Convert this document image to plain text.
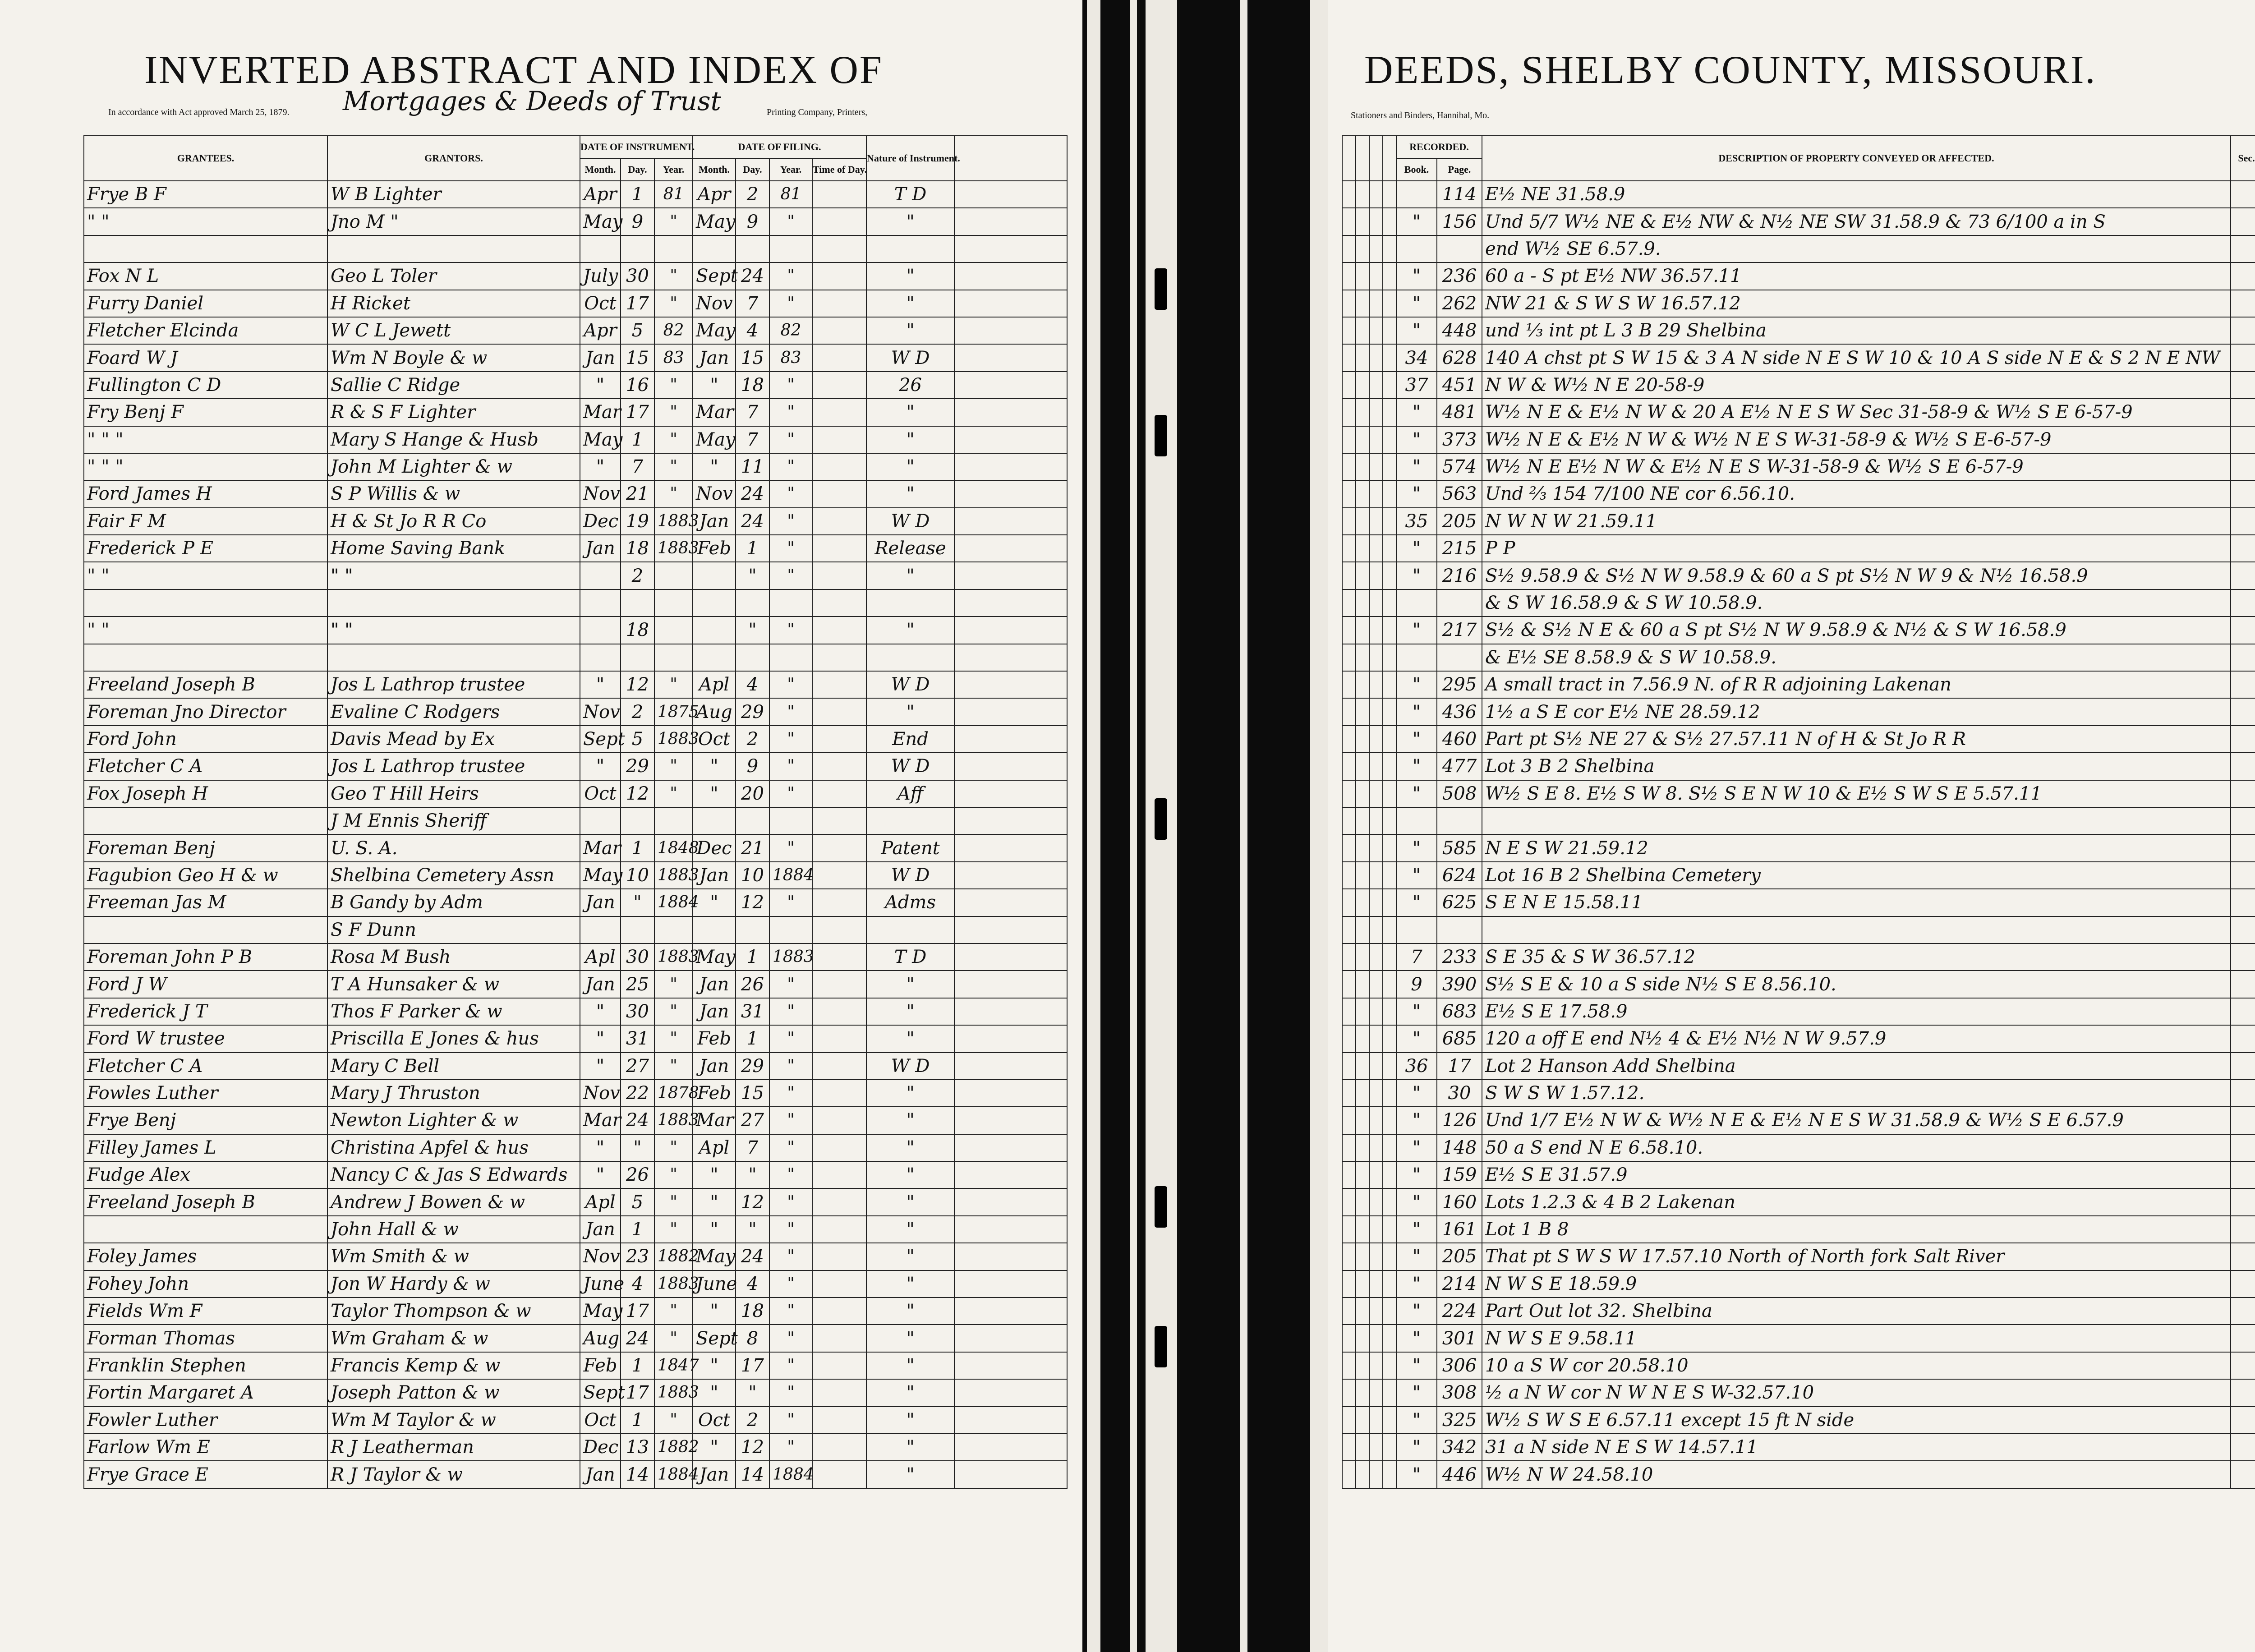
INVERTED ABSTRACT AND INDEX OF
In accordance with Act approved March 25, 1879. Mortgages & Deeds of Trust	Printing Company, Printers,
GRANTEES.	GRANTORS.	DATE OF INSTRUMENT.			DATE OF FILING.				Nature of Instrument.	
		Month.	Day.	Year.	Month.	Day.	Year.	Time of Day.		
Frye B F	W B Lighter	Apr	1	81	Apr	2	81		T D	
" "	Jno M "	May	9	"	May	9	"		"	

Fox N L	Geo L Toler	July	30	"	Sept	24	"		"	
Furry Daniel	H Ricket	Oct	17	"	Nov	7	"		"	
Fletcher Elcinda	W C L Jewett	Apr	5	82	May	4	82		"	
Foard W J	Wm N Boyle & w	Jan	15	83	Jan	15	83		W D	
Fullington C D	Sallie C Ridge	"	16	"	"	18	"		26	
Fry Benj F	R & S F Lighter	Mar	17	"	Mar	7	"		"	
" " "	Mary S Hange & Husb	May	1	"	May	7	"		"	
" " "	John M Lighter & w	"	7	"	"	11	"		"	
Ford James H	S P Willis & w	Nov	21	"	Nov	24	"		"	
Fair F M	H & St Jo R R Co	Dec	19	1883	Jan	24	"		W D	
Frederick P E	Home Saving Bank	Jan	18	1883	Feb	1	"		Release	
" "	" "		2			"	"		"	

" "	" "		18			"	"		"	

Freeland Joseph B	Jos L Lathrop trustee	"	12	"	Apl	4	"		W D	
Foreman Jno Director	Evaline C Rodgers	Nov	2	1875	Aug	29	"		"	
Ford John	Davis Mead by Ex	Sept	5	1883	Oct	2	"		End	
Fletcher C A	Jos L Lathrop trustee	"	29	"	"	9	"		W D	
Fox Joseph H	Geo T Hill Heirs	Oct	12	"	"	20	"		Aff	
	J M Ennis Sheriff									
Foreman Benj	U. S. A.	Mar	1	1848	Dec	21	"		Patent	
Fagubion Geo H & w	Shelbina Cemetery Assn	May	10	1883	Jan	10	1884		W D	
Freeman Jas M	B Gandy by Adm	Jan	"	1884	"	12	"		Adms	
	S F Dunn									
Foreman John P B	Rosa M Bush	Apl	30	1883	May	1	1883		T D	
Ford J W	T A Hunsaker & w	Jan	25	"	Jan	26	"		"	
Frederick J T	Thos F Parker & w	"	30	"	Jan	31	"		"	
Ford W trustee	Priscilla E Jones & hus	"	31	"	Feb	1	"		"	
Fletcher C A	Mary C Bell	"	27	"	Jan	29	"		W D	
Fowles Luther	Mary J Thruston	Nov	22	1878	Feb	15	"		"	
Frye Benj	Newton Lighter & w	Mar	24	1883	Mar	27	"		"	
Filley James L	Christina Apfel & hus	"	"	"	Apl	7	"		"	
Fudge Alex	Nancy C & Jas S Edwards	"	26	"	"	"	"		"	
Freeland Joseph B	Andrew J Bowen & w	Apl	5	"	"	12	"		"	
	John Hall & w	Jan	1	"	"	"	"		"	
Foley James	Wm Smith & w	Nov	23	1882	May	24	"		"	
Fohey John	Jon W Hardy & w	June	4	1883	June	4	"		"	
Fields Wm F	Taylor Thompson & w	May	17	"	"	18	"		"	
Forman Thomas	Wm Graham & w	Aug	24	"	Sept	8	"		"	
Franklin Stephen	Francis Kemp & w	Feb	1	1847	"	17	"		"	
Fortin Margaret A	Joseph Patton & w	Sept	17	1883	"	"	"		"	
Fowler Luther	Wm M Taylor & w	Oct	1	"	Oct	2	"		"	
Farlow Wm E	R J Leatherman	Dec	13	1882	"	12	"		"	
Frye Grace E	R J Taylor & w	Jan	14	1884	Jan	14	1884		"	
DEEDS, SHELBY COUNTY, MISSOURI.
Stationers and Binders, Hannibal, Mo.
				RECORDED.		DESCRIPTION OF PROPERTY CONVEYED OR AFFECTED.	Sec.		
				Book.	Page.				
					114	E½ NE 31.58.9			
				"	156	Und 5/7 W½ NE & E½ NW & N½ NE SW 31.58.9 & 73 6/100 a in S			
						end W½ SE 6.57.9.			
				"	236	60 a - S pt E½ NW 36.57.11			
				"	262	NW 21 & S W S W 16.57.12			
				"	448	und ⅓ int pt L 3 B 29 Shelbina			
				34	628	140 A chst pt S W 15 & 3 A N side N E S W 10 & 10 A S side N E & S 2 N E NW			
				37	451	N W & W½ N E 20-58-9			
				"	481	W½ N E & E½ N W & 20 A E½ N E S W Sec 31-58-9 & W½ S E 6-57-9			
				"	373	W½ N E & E½ N W & W½ N E S W-31-58-9 & W½ S E-6-57-9			
				"	574	W½ N E E½ N W & E½ N E S W-31-58-9 & W½ S E 6-57-9			
				"	563	Und ⅔ 154 7/100 NE cor 6.56.10.			
				35	205	N W N W 21.59.11			
				"	215	P P			
				"	216	S½ 9.58.9 & S½ N W 9.58.9 & 60 a S pt S½ N W 9 & N½ 16.58.9			
						& S W 16.58.9 & S W 10.58.9.			
				"	217	S½ & S½ N E & 60 a S pt S½ N W 9.58.9 & N½ & S W 16.58.9			
						& E½ SE 8.58.9 & S W 10.58.9.			
				"	295	A small tract in 7.56.9 N. of R R adjoining Lakenan			
				"	436	1½ a S E cor E½ NE 28.59.12			
				"	460	Part pt S½ NE 27 & S½ 27.57.11 N of H & St Jo R R			
				"	477	Lot 3 B 2 Shelbina			
				"	508	W½ S E 8. E½ S W 8. S½ S E N W 10 & E½ S W S E 5.57.11			

				"	585	N E S W 21.59.12			
				"	624	Lot 16 B 2 Shelbina Cemetery			
				"	625	S E N E 15.58.11			

				7	233	S E 35 & S W 36.57.12			
				9	390	S½ S E & 10 a S side N½ S E 8.56.10.			
				"	683	E½ S E 17.58.9			
				"	685	120 a off E end N½ 4 & E½ N½ N W 9.57.9			
				36	17	Lot 2 Hanson Add Shelbina			
				"	30	S W S W 1.57.12.			
				"	126	Und 1/7 E½ N W & W½ N E & E½ N E S W 31.58.9 & W½ S E 6.57.9			
				"	148	50 a S end N E 6.58.10.			
				"	159	E½ S E 31.57.9			
				"	160	Lots 1.2.3 & 4 B 2 Lakenan			
				"	161	Lot 1 B 8			
				"	205	That pt S W S W 17.57.10 North of North fork Salt River			
				"	214	N W S E 18.59.9			
				"	224	Part Out lot 32. Shelbina			
				"	301	N W S E 9.58.11			
				"	306	10 a S W cor 20.58.10			
				"	308	½ a N W cor N W N E S W-32.57.10			
				"	325	W½ S W S E 6.57.11 except 15 ft N side			
				"	342	31 a N side N E S W 14.57.11			
				"	446	W½ N W 24.58.10			
